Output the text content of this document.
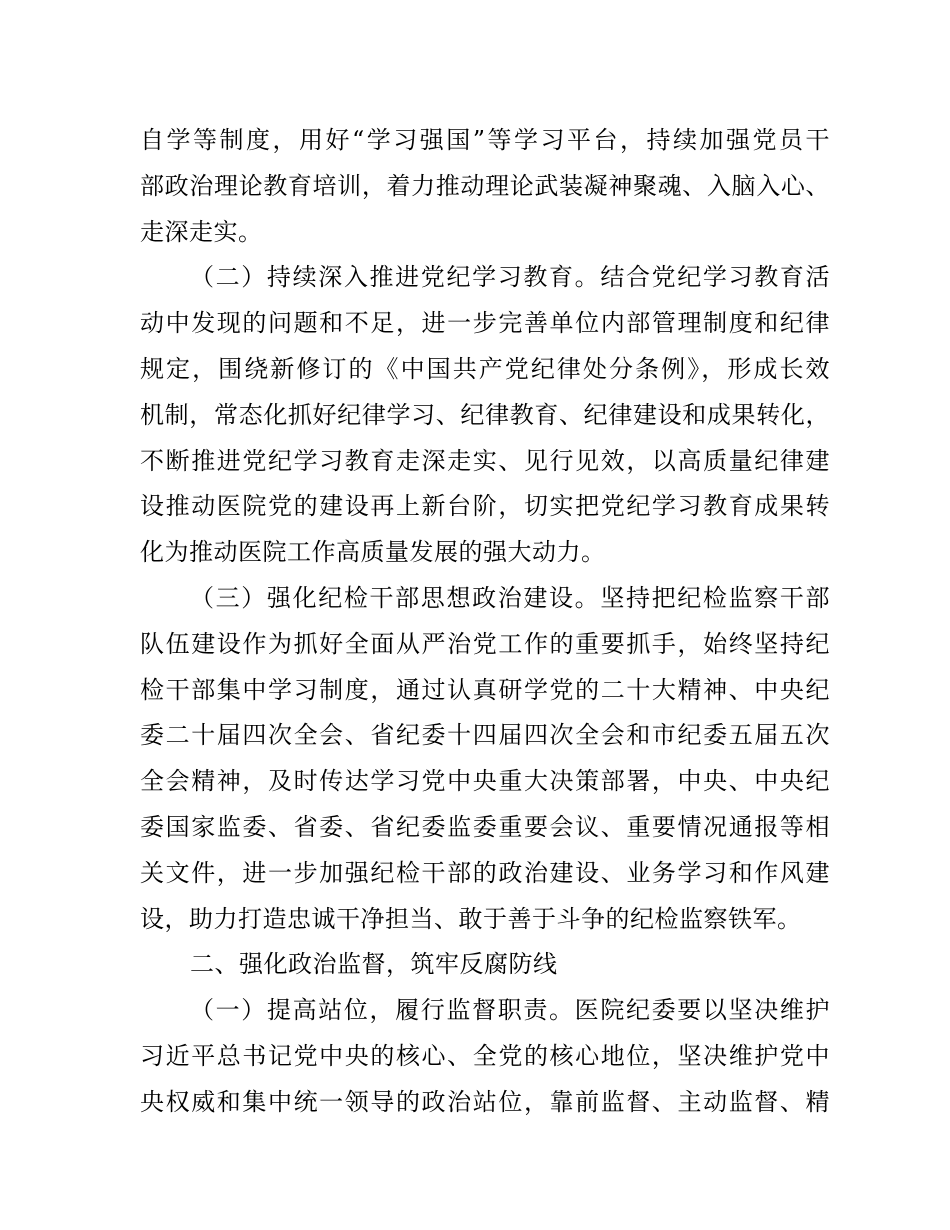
自学等制度，用好“学习强国”等学习平台，持续加强党员干
部政治理论教育培训，着力推动理论武装凝神聚魂、入脑入心、
走深走实。
（二）持续深入推进党纪学习教育。结合党纪学习教育活
动中发现的问题和不足，进一步完善单位内部管理制度和纪律
规定，围绕新修订的《中国共产党纪律处分条例》，形成长效
机制，常态化抓好纪律学习、纪律教育、纪律建设和成果转化，
不断推进党纪学习教育走深走实、见行见效，以高质量纪律建
设推动医院党的建设再上新台阶，切实把党纪学习教育成果转
化为推动医院工作高质量发展的强大动力。
（三）强化纪检干部思想政治建设。坚持把纪检监察干部
队伍建设作为抓好全面从严治党工作的重要抓手，始终坚持纪
检干部集中学习制度，通过认真研学党的二十大精神、中央纪
委二十届四次全会、省纪委十四届四次全会和市纪委五届五次
全会精神，及时传达学习党中央重大决策部署，中央、中央纪
委国家监委、省委、省纪委监委重要会议、重要情况通报等相
关文件，进一步加强纪检干部的政治建设、业务学习和作风建
设，助力打造忠诚干净担当、敢于善于斗争的纪检监察铁军。
二、强化政治监督，筑牢反腐防线
（一）提高站位，履行监督职责。医院纪委要以坚决维护
习近平总书记党中央的核心、全党的核心地位，坚决维护党中
央权威和集中统一领导的政治站位，靠前监督、主动监督、精
